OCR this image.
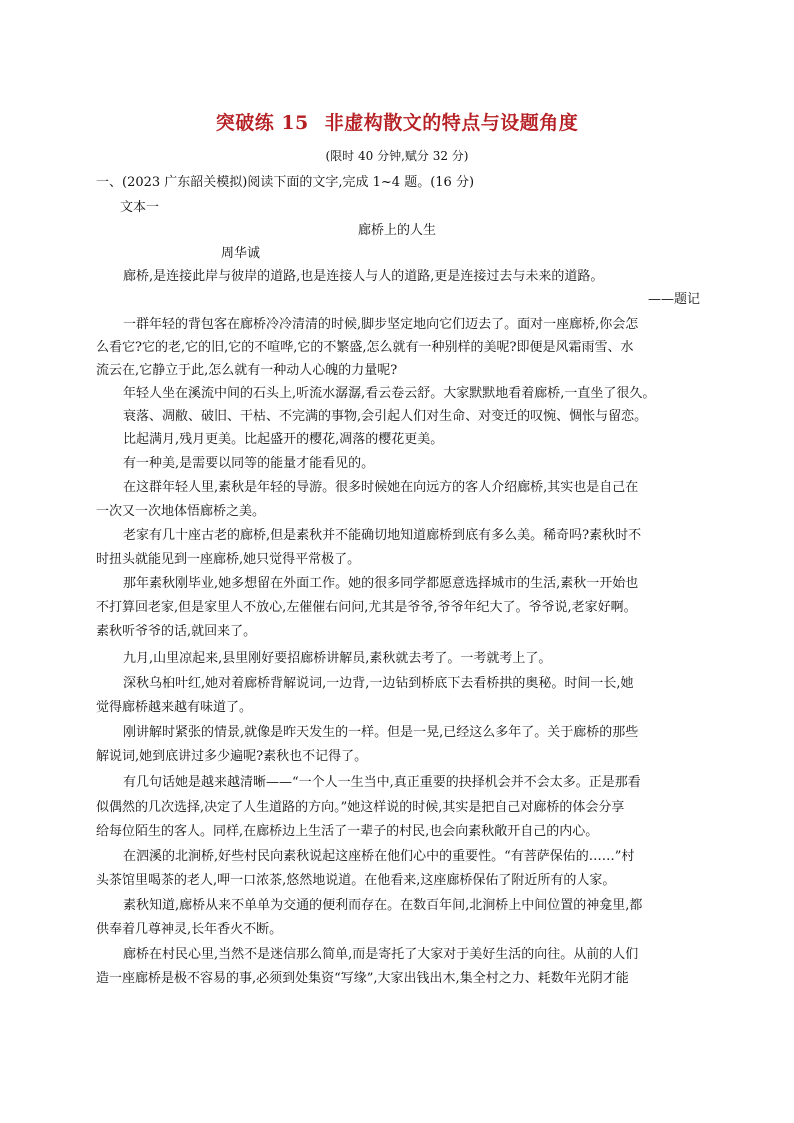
突破练 15 非虚构散文的特点与设题角度
(限时 40 分钟,赋分 32 分)
一、(2023 广东韶关模拟)阅读下面的文字,完成 1~4 题。(16 分)
文本一
廊桥上的人生
周华诚
廊桥,是连接此岸与彼岸的道路,也是连接人与人的道路,更是连接过去与未来的道路。
——题记
一群年轻的背包客在廊桥冷冷清清的时候,脚步坚定地向它们迈去了。面对一座廊桥,你会怎
么看它?它的老,它的旧,它的不喧哗,它的不繁盛,怎么就有一种别样的美呢?即便是风霜雨雪、水
流云在,它静立于此,怎么就有一种动人心魄的力量呢?
年轻人坐在溪流中间的石头上,听流水潺潺,看云卷云舒。大家默默地看着廊桥,一直坐了很久。
衰落、凋敝、破旧、干枯、不完满的事物,会引起人们对生命、对变迁的叹惋、惆怅与留恋。
比起满月,残月更美。比起盛开的樱花,凋落的樱花更美。
有一种美,是需要以同等的能量才能看见的。
在这群年轻人里,素秋是年轻的导游。很多时候她在向远方的客人介绍廊桥,其实也是自己在
一次又一次地体悟廊桥之美。
老家有几十座古老的廊桥,但是素秋并不能确切地知道廊桥到底有多么美。稀奇吗?素秋时不
时扭头就能见到一座廊桥,她只觉得平常极了。
那年素秋刚毕业,她多想留在外面工作。她的很多同学都愿意选择城市的生活,素秋一开始也
不打算回老家,但是家里人不放心,左催催右问问,尤其是爷爷,爷爷年纪大了。爷爷说,老家好啊。
素秋听爷爷的话,就回来了。
九月,山里凉起来,县里刚好要招廊桥讲解员,素秋就去考了。一考就考上了。
深秋乌桕叶红,她对着廊桥背解说词,一边背,一边钻到桥底下去看桥拱的奥秘。时间一长,她
觉得廊桥越来越有味道了。
刚讲解时紧张的情景,就像是昨天发生的一样。但是一晃,已经这么多年了。关于廊桥的那些
解说词,她到底讲过多少遍呢?素秋也不记得了。
有几句话她是越来越清晰——“一个人一生当中,真正重要的抉择机会并不会太多。正是那看
似偶然的几次选择,决定了人生道路的方向。”她这样说的时候,其实是把自己对廊桥的体会分享
给每位陌生的客人。同样,在廊桥边上生活了一辈子的村民,也会向素秋敞开自己的内心。
在泗溪的北涧桥,好些村民向素秋说起这座桥在他们心中的重要性。“有菩萨保佑的……”村
头茶馆里喝茶的老人,呷一口浓茶,悠然地说道。在他看来,这座廊桥保佑了附近所有的人家。
素秋知道,廊桥从来不单单为交通的便利而存在。在数百年间,北涧桥上中间位置的神龛里,都
供奉着几尊神灵,长年香火不断。
廊桥在村民心里,当然不是迷信那么简单,而是寄托了大家对于美好生活的向往。从前的人们
造一座廊桥是极不容易的事,必须到处集资“写缘”,大家出钱出木,集全村之力、耗数年光阴才能
